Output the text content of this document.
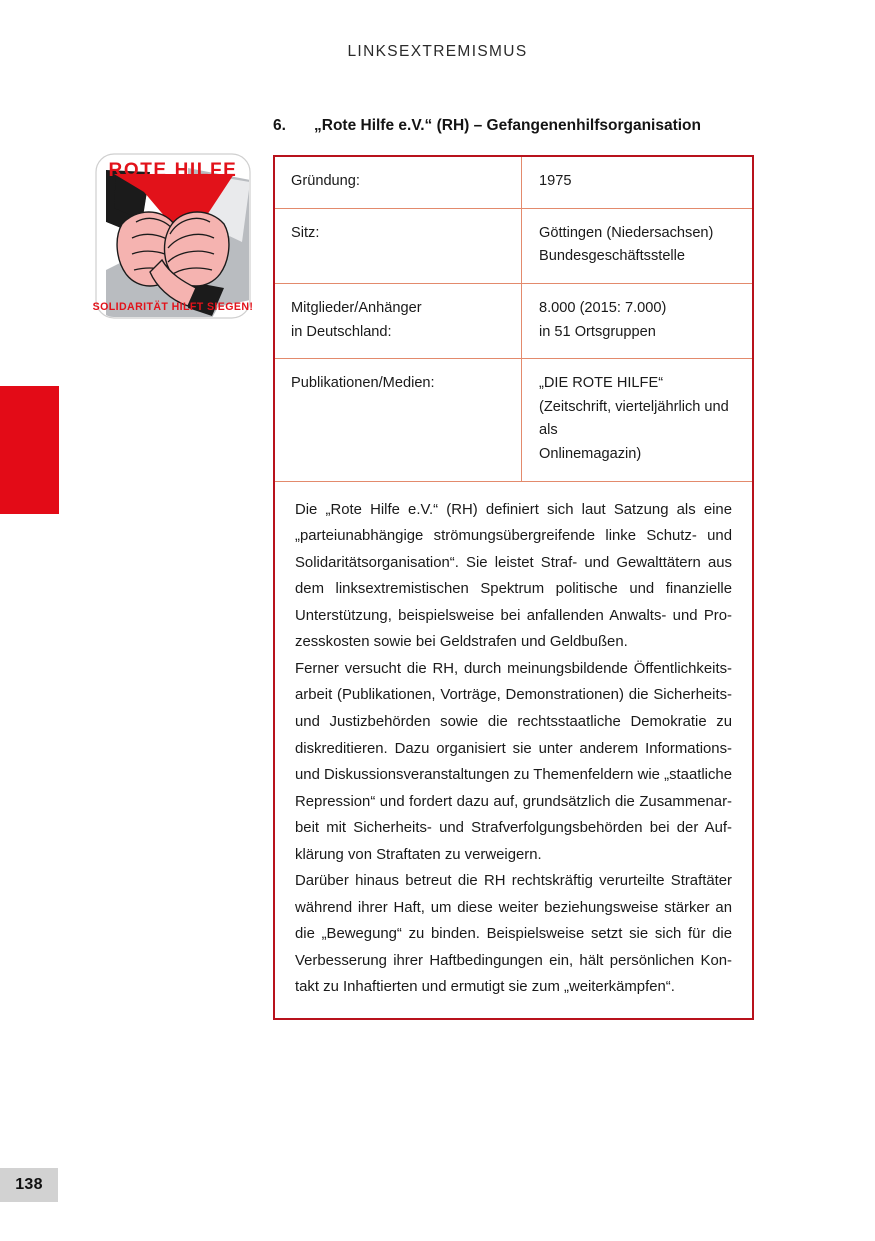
LINKSEXTREMISMUS
6. „Rote Hilfe e.V.“ (RH) – Gefangenenhilfsorganisation
ROTE HILFE
SOLIDARITÄT HILFT SIEGEN!
Gründung:	1975

Sitz:	Göttingen (Niedersachsen)
Bundesgeschäftsstelle

Mitglieder/Anhänger
in Deutschland:	8.000 (2015: 7.000)
in 51 Ortsgruppen

Publikationen/Medien:	„DIE ROTE HILFE“
(Zeitschrift, vierteljährlich und als
Onlinemagazin)

Die „Rote Hilfe e.V.“ (RH) definiert sich laut Satzung als eine
„parteiunabhängige strömungsübergreifende linke Schutz- und
Solidaritätsorganisation“. Sie leistet Straf- und Gewalttätern aus
dem linksextremistischen Spektrum politische und finanzielle
Unterstützung, beispielsweise bei anfallenden Anwalts- und Pro-
zesskosten sowie bei Geldstrafen und Geldbußen.

Ferner versucht die RH, durch meinungsbildende Öffentlichkeits-
arbeit (Publikationen, Vorträge, Demonstrationen) die Sicherheits-
und Justizbehörden sowie die rechtsstaatliche Demokratie zu
diskreditieren. Dazu organisiert sie unter anderem Informations-
und Diskussionsveranstaltungen zu Themenfeldern wie „staatliche
Repression“ und fordert dazu auf, grundsätzlich die Zusammenar-
beit mit Sicherheits- und Strafverfolgungsbehörden bei der Auf-
klärung von Straftaten zu verweigern.

Darüber hinaus betreut die RH rechtskräftig verurteilte Straftäter
während ihrer Haft, um diese weiter beziehungsweise stärker an
die „Bewegung“ zu binden. Beispielsweise setzt sie sich für die
Verbesserung ihrer Haftbedingungen ein, hält persönlichen Kon-
takt zu Inhaftierten und ermutigt sie zum „weiterkämpfen“.

138
